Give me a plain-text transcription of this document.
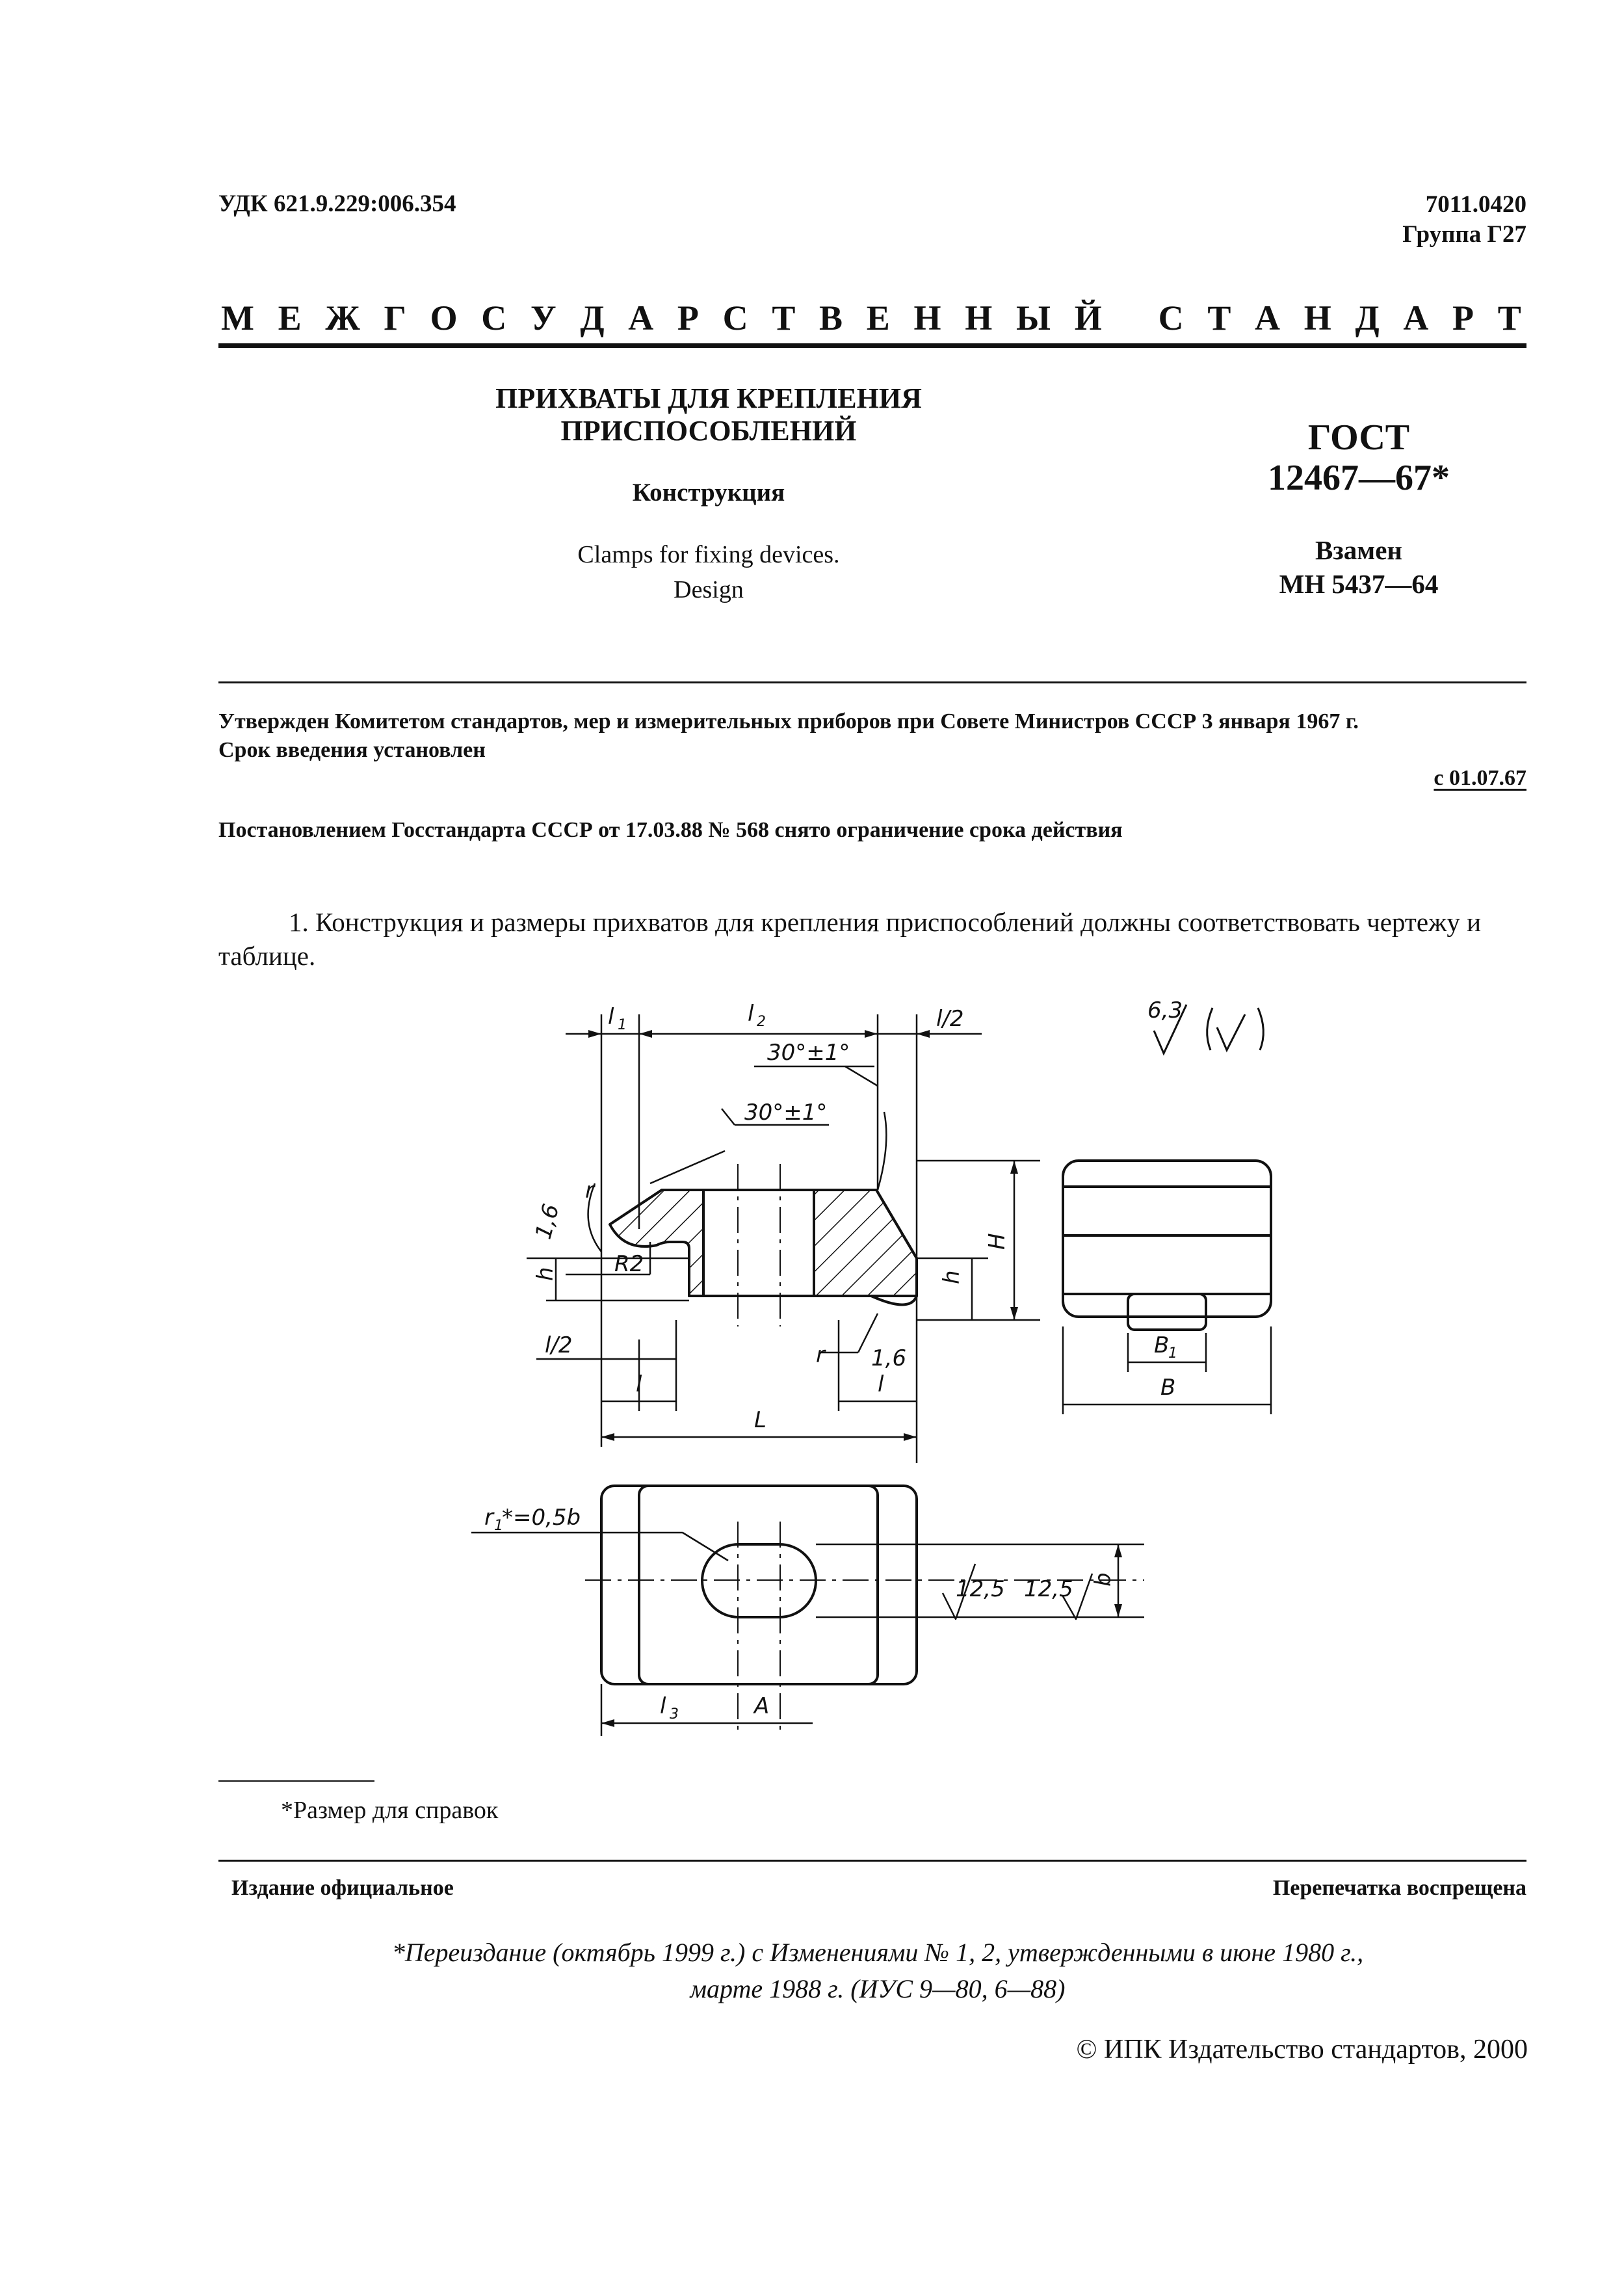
УДК 621.9.229:006.354	7011.0420
Группа Г27
М Е Ж Г О С У Д А Р С Т В Е Н Н Ы Й
С Т А Н Д А Р Т
ПРИХВАТЫ ДЛЯ КРЕПЛЕНИЯ
ПРИСПОСОБЛЕНИЙ
Конструкция
Clamps for fixing devices.
Design
ГОСТ
12467—67*
Взамен
МН 5437—64
Утвержден Комитетом стандартов, мер и измерительных приборов при Совете Министров СССР 3 января 1967 г.
Срок введения установлен
с 01.07.67
Постановлением Госстандарта СССР от 17.03.88 № 568 снято ограничение срока действия
1. Конструкция и размеры прихватов для крепления приспособлений должны соответствовать чертежу и таблице.
l 1	l 2	l/2
30°±1°
30°±1°
r
1,6
R2
h	h
H
l/2
l	l
r 1,6
L
6,3
B
1
B
r 1
*=0,5b
12,5 12,5 b
l 3	A
*Размер для справок
Издание официальное	Перепечатка воспрещена
*Переиздание (октябрь 1999 г.) с Изменениями № 1, 2, утвержденными в июне 1980 г.,
марте 1988 г. (ИУС 9—80, 6—88)
© ИПК Издательство стандартов, 2000
